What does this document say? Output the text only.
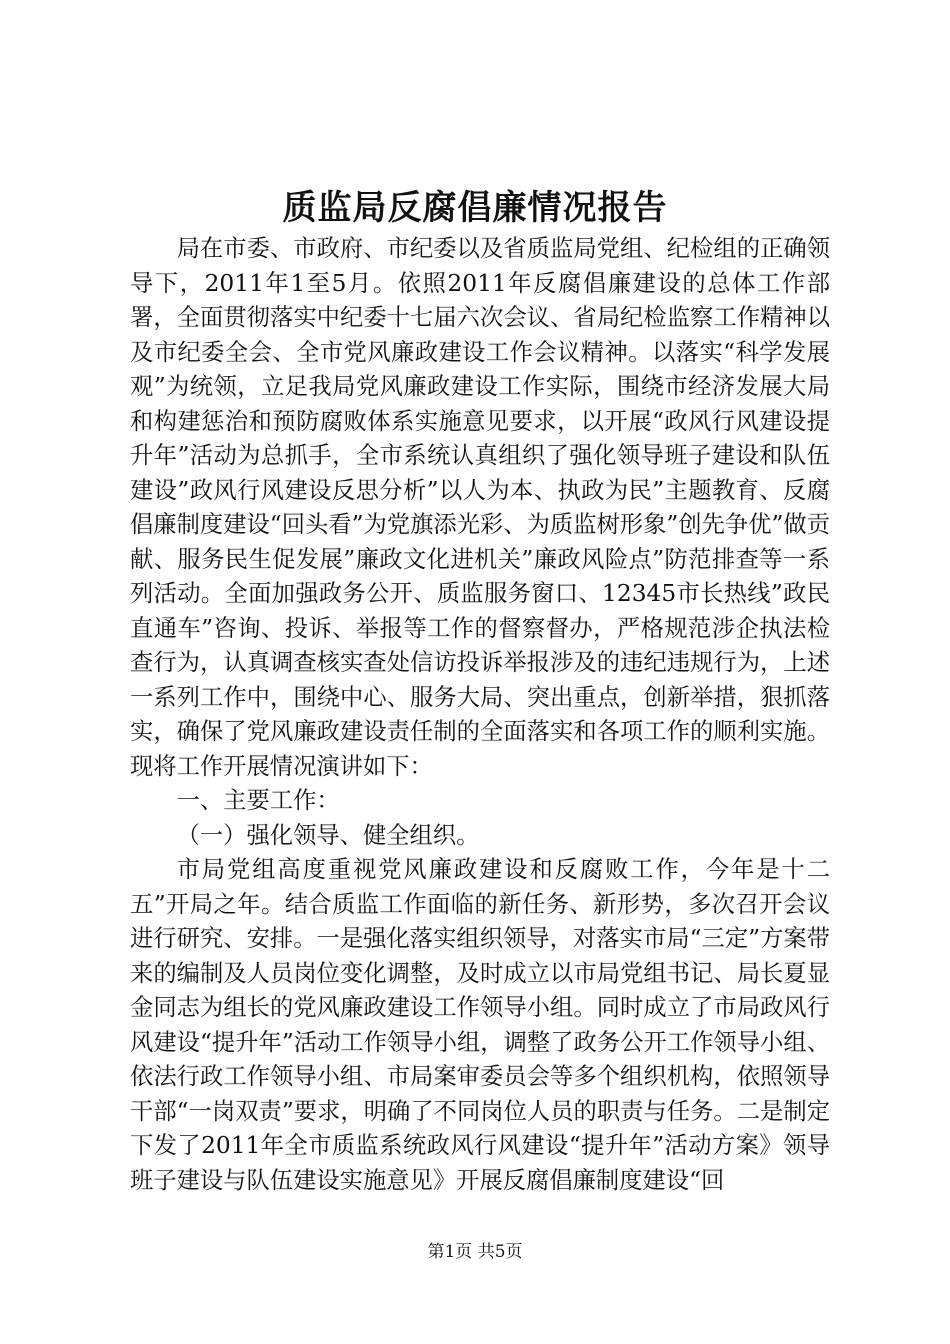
质监局反腐倡廉情况报告

局在市委、市政府、市纪委以及省质监局党组、纪检组的正确领导下，2011年1至5月。依照2011年反腐倡廉建设的总体工作部署，全面贯彻落实中纪委十七届六次会议、省局纪检监察工作精神以及市纪委全会、全市党风廉政建设工作会议精神。以落实“科学发展观”为统领，立足我局党风廉政建设工作实际，围绕市经济发展大局和构建惩治和预防腐败体系实施意见要求，以开展“政风行风建设提升年”活动为总抓手，全市系统认真组织了强化领导班子建设和队伍建设”政风行风建设反思分析”以人为本、执政为民”主题教育、反腐倡廉制度建设“回头看”为党旗添光彩、为质监树形象”创先争优”做贡献、服务民生促发展”廉政文化进机关”廉政风险点”防范排查等一系列活动。全面加强政务公开、质监服务窗口、12345市长热线”政民直通车”咨询、投诉、举报等工作的督察督办，严格规范涉企执法检查行为，认真调查核实查处信访投诉举报涉及的违纪违规行为，上述一系列工作中，围绕中心、服务大局、突出重点，创新举措，狠抓落实，确保了党风廉政建设责任制的全面落实和各项工作的顺利实施。现将工作开展情况演讲如下：

一、主要工作：

（一）强化领导、健全组织。

市局党组高度重视党风廉政建设和反腐败工作，今年是十二五”开局之年。结合质监工作面临的新任务、新形势，多次召开会议进行研究、安排。一是强化落实组织领导，对落实市局“三定”方案带来的编制及人员岗位变化调整，及时成立以市局党组书记、局长夏显金同志为组长的党风廉政建设工作领导小组。同时成立了市局政风行风建设“提升年”活动工作领导小组，调整了政务公开工作领导小组、依法行政工作领导小组、市局案审委员会等多个组织机构，依照领导干部“一岗双责”要求，明确了不同岗位人员的职责与任务。二是制定下发了2011年全市质监系统政风行风建设“提升年”活动方案》领导班子建设与队伍建设实施意见》开展反腐倡廉制度建设“回

第1页 共5页
